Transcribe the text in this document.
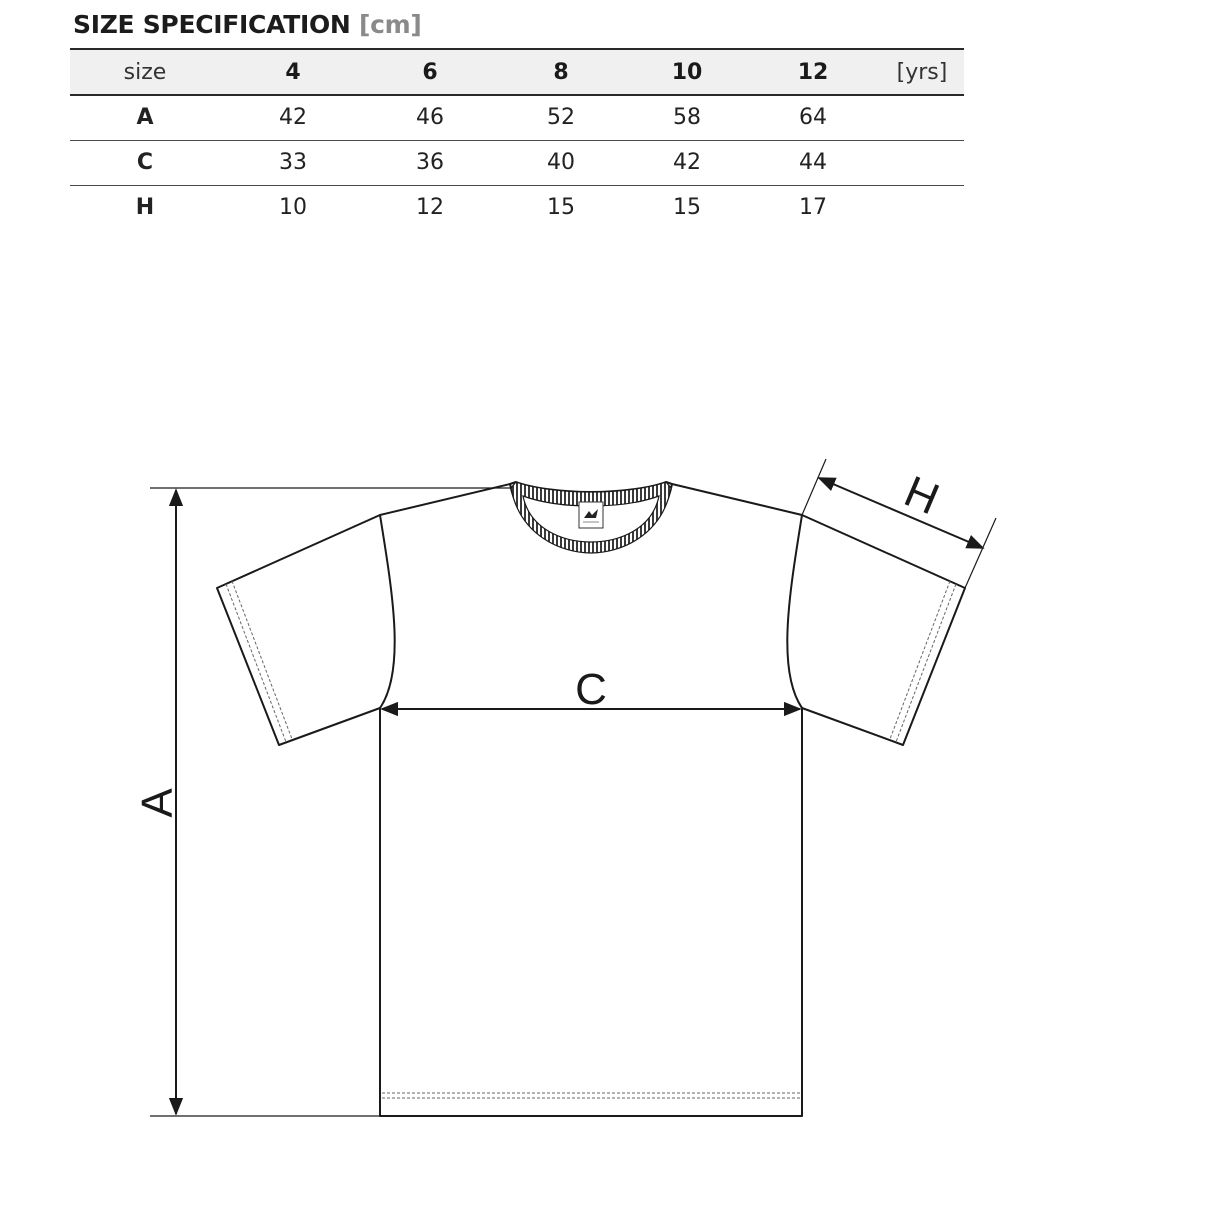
SIZE SPECIFICATION [cm]
size	4	6	8	10	12	[yrs]
A	42	46	52	58	64	
C	33	36	40	42	44	
H	10	12	15	15	17	
A
C
H
